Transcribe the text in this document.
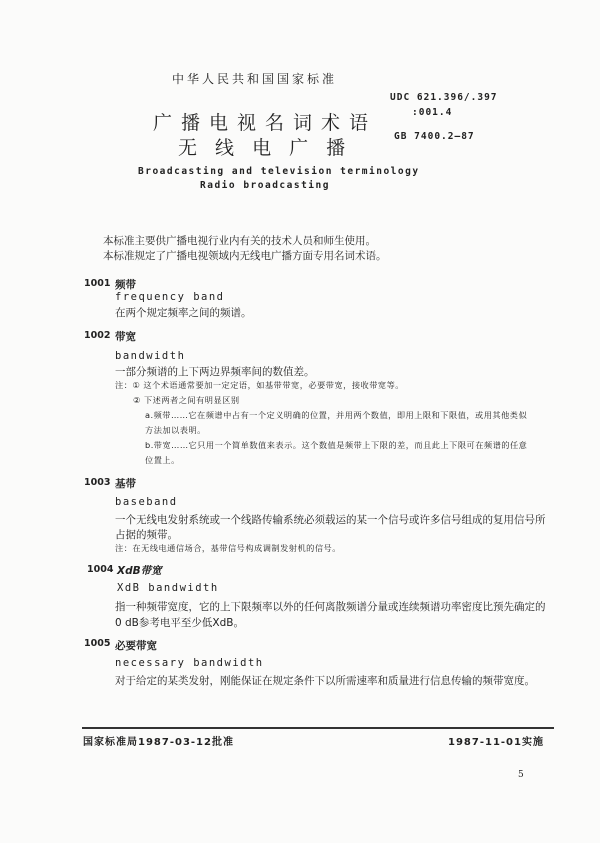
中华人民共和国国家标准
广播电视名词术语
无 线 电 广 播
UDC 621.396/.397
:001.4
GB 7400.2—87
Broadcasting and television terminology
Radio broadcasting
本标准主要供广播电视行业内有关的技术人员和师生使用。
本标准规定了广播电视领域内无线电广播方面专用名词术语。
1001 频带
frequency band
在两个规定频率之间的频谱。
1002 带宽
bandwidth
一部分频谱的上下两边界频率间的数值差。
注：① 这个术语通常要加一定定语，如基带带宽，必要带宽，接收带宽等。
② 下述两者之间有明显区别
a.频带……它在频谱中占有一个定义明确的位置，并用两个数值，即用上限和下限值，或用其他类似
方法加以表明。
b.带宽……它只用一个简单数值来表示。这个数值是频带上下限的差，而且此上下限可在频谱的任意
位置上。
1003 基带
baseband
一个无线电发射系统或一个线路传输系统必须载运的某一个信号或许多信号组成的复用信号所
占据的频带。
注：在无线电通信场合，基带信号构成调制发射机的信号。
1004 XdB带宽
XdB bandwidth
指一种频带宽度，它的上下限频率以外的任何离散频谱分量或连续频谱功率密度比预先确定的
0 dB参考电平至少低XdB。
1005 必要带宽
necessary bandwidth
对于给定的某类发射，刚能保证在规定条件下以所需速率和质量进行信息传输的频带宽度。
国家标准局1987-03-12批准	1987-11-01实施
5
